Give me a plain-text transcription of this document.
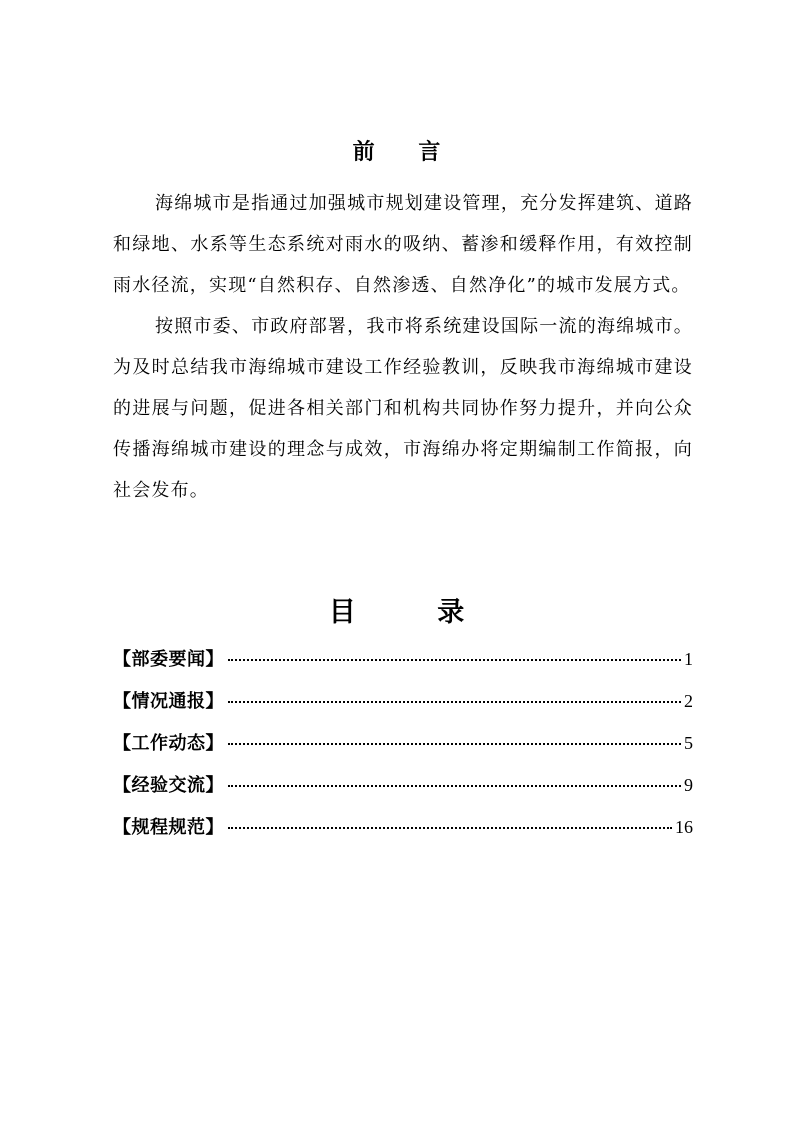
前 言

海绵城市是指通过加强城市规划建设管理，充分发挥建筑、道路和绿地、水系等生态系统对雨水的吸纳、蓄渗和缓释作用，有效控制雨水径流，实现“自然积存、自然渗透、自然净化”的城市发展方式。

按照市委、市政府部署，我市将系统建设国际一流的海绵城市。为及时总结我市海绵城市建设工作经验教训，反映我市海绵城市建设的进展与问题，促进各相关部门和机构共同协作努力提升，并向公众传播海绵城市建设的理念与成效，市海绵办将定期编制工作简报，向社会发布。

目 录
【部委要闻】	1
【情况通报】	2
【工作动态】	5
【经验交流】	9
【规程规范】	16
